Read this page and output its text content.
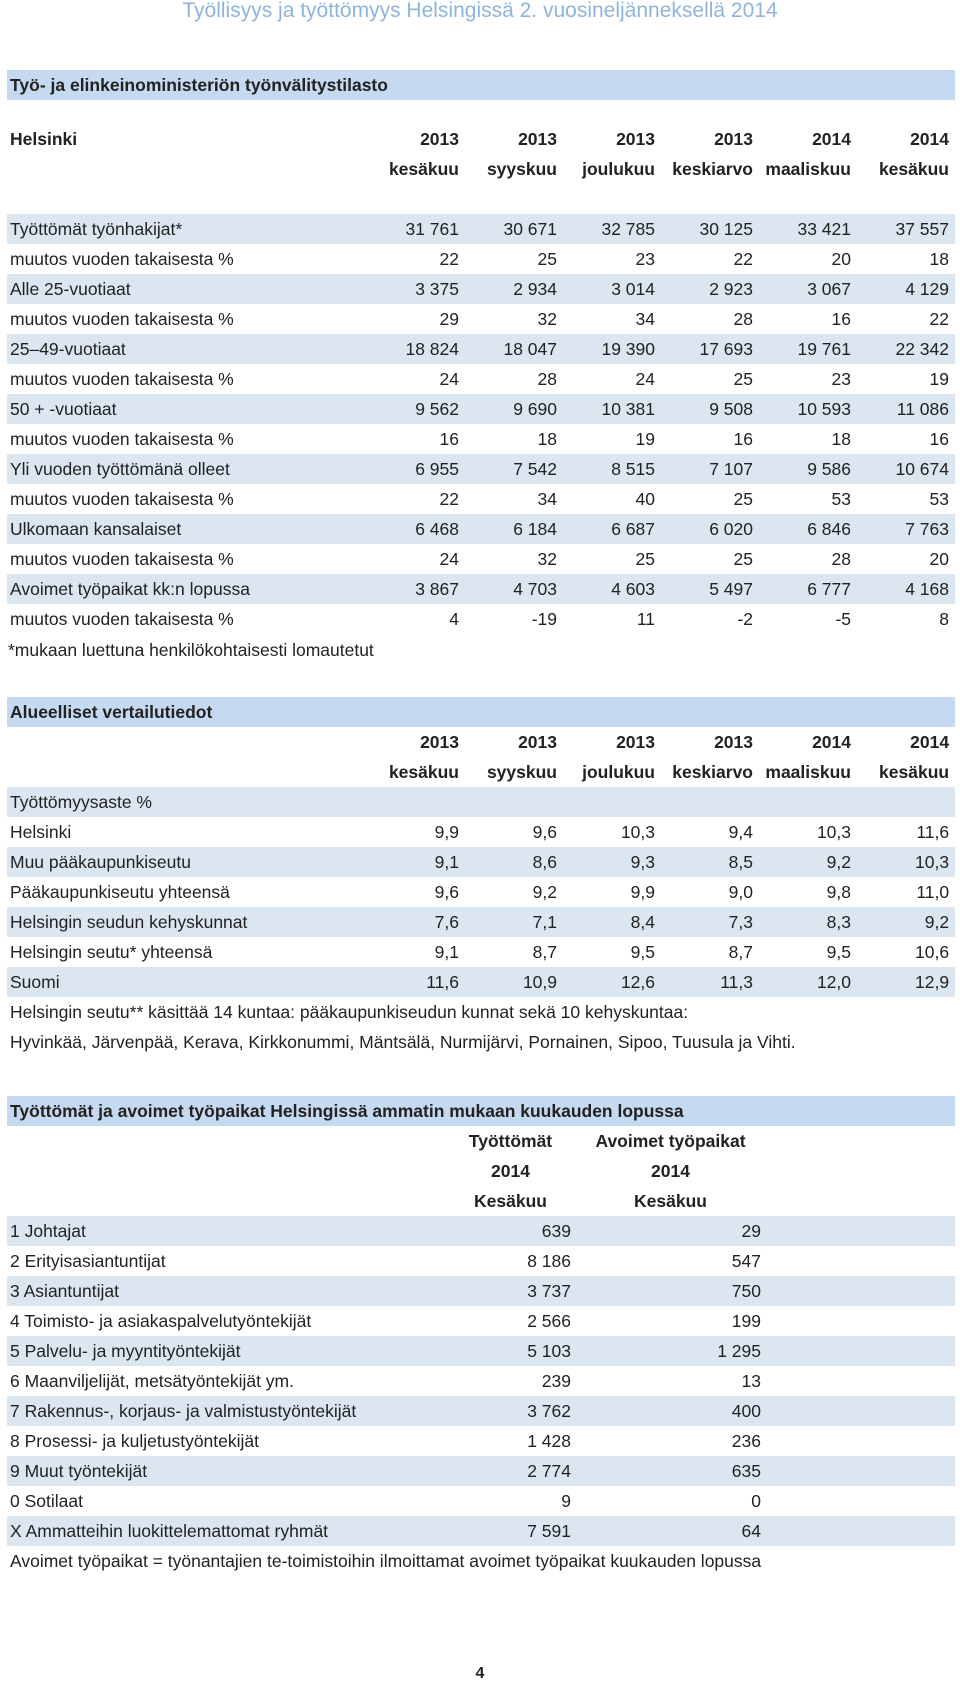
Työllisyys ja työttömyys Helsingissä 2. vuosineljänneksellä 2014
Työ- ja elinkeinoministeriön työnvälitystilasto
Helsinki	2013	2013	2013	2013	2014	2014
	kesäkuu	syyskuu	joulukuu	keskiarvo	maaliskuu	kesäkuu

Työttömät työnhakijat*	31 761	30 671	32 785	30 125	33 421	37 557
muutos vuoden takaisesta %	22	25	23	22	20	18
Alle 25-vuotiaat	3 375	2 934	3 014	2 923	3 067	4 129
muutos vuoden takaisesta %	29	32	34	28	16	22
25‒49-vuotiaat	18 824	18 047	19 390	17 693	19 761	22 342
muutos vuoden takaisesta %	24	28	24	25	23	19
50 + -vuotiaat	9 562	9 690	10 381	9 508	10 593	11 086
muutos vuoden takaisesta %	16	18	19	16	18	16
Yli vuoden työttömänä olleet	6 955	7 542	8 515	7 107	9 586	10 674
muutos vuoden takaisesta %	22	34	40	25	53	53
Ulkomaan kansalaiset	6 468	6 184	6 687	6 020	6 846	7 763
muutos vuoden takaisesta %	24	32	25	25	28	20
Avoimet työpaikat kk:n lopussa	3 867	4 703	4 603	5 497	6 777	4 168
muutos vuoden takaisesta %	4	-19	11	-2	-5	8
*mukaan luettuna henkilökohtaisesti lomautetut
Alueelliset vertailutiedot						
	2013	2013	2013	2013	2014	2014
	kesäkuu	syyskuu	joulukuu	keskiarvo	maaliskuu	kesäkuu
Työttömyysaste %						
Helsinki	9,9	9,6	10,3	9,4	10,3	11,6
Muu pääkaupunkiseutu	9,1	8,6	9,3	8,5	9,2	10,3
Pääkaupunkiseutu yhteensä	9,6	9,2	9,9	9,0	9,8	11,0
Helsingin seudun kehyskunnat	7,6	7,1	8,4	7,3	8,3	9,2
Helsingin seutu* yhteensä	9,1	8,7	9,5	8,7	9,5	10,6
Suomi	11,6	10,9	12,6	11,3	12,0	12,9
Helsingin seutu** käsittää 14 kuntaa: pääkaupunkiseudun kunnat sekä 10 kehyskuntaa:						
Hyvinkää, Järvenpää, Kerava, Kirkkonummi, Mäntsälä, Nurmijärvi, Pornainen, Sipoo, Tuusula ja Vihti.						
Työttömät ja avoimet työpaikat Helsingissä ammatin mukaan kuukauden lopussa			
	Työttömät	Avoimet työpaikat	
	2014	2014	
	Kesäkuu	Kesäkuu	
1 Johtajat	639	29	
2 Erityisasiantuntijat	8 186	547	
3 Asiantuntijat	3 737	750	
4 Toimisto- ja asiakaspalvelutyöntekijät	2 566	199	
5 Palvelu- ja myyntityöntekijät	5 103	1 295	
6 Maanviljelijät, metsätyöntekijät ym.	239	13	
7 Rakennus-, korjaus- ja valmistustyöntekijät	3 762	400	
8 Prosessi- ja kuljetustyöntekijät	1 428	236	
9 Muut työntekijät	2 774	635	
0 Sotilaat	9	0	
X Ammatteihin luokittelemattomat ryhmät	7 591	64	
Avoimet työpaikat = työnantajien te-toimistoihin ilmoittamat avoimet työpaikat kuukauden lopussa			
4
